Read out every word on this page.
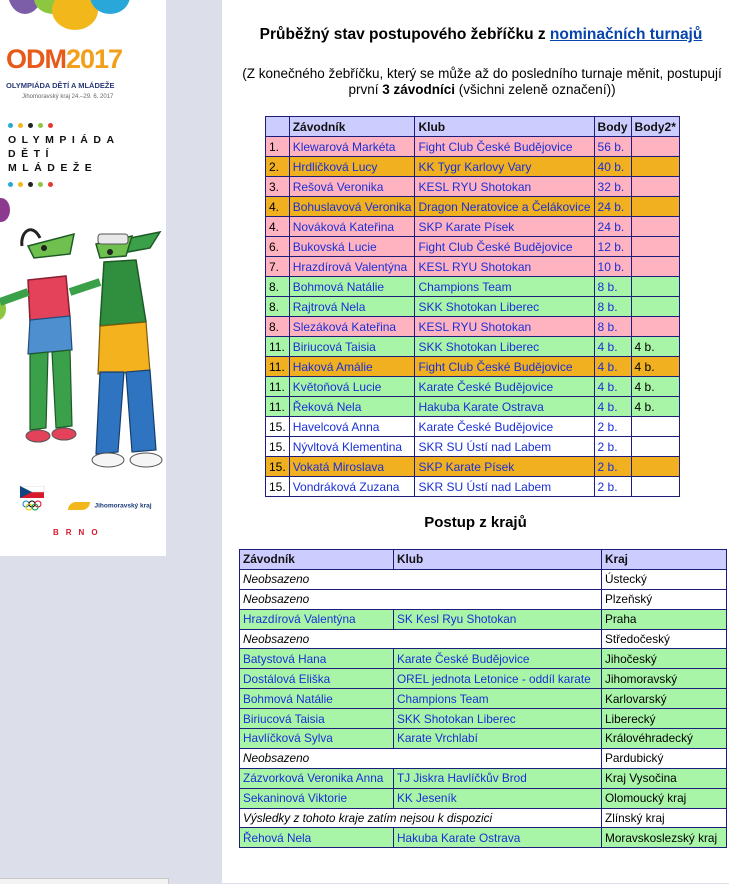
ODM2017
OLYMPIÁDA DĚTÍ A MLÁDEŽE
Jihomoravský kraj 24.–29. 6. 2017
OLYMPIÁDA
DĚTÍ
MLÁDEŽE
Jihomoravský kraj
BRNO
Průběžný stav postupového žebříčku z nominačních turnajů
(Z konečného žebříčku, který se může až do posledního turnaje měnit, postupují první 3 závodníci (všichni zeleně označení))
	Závodník	Klub	Body	Body2*
1.	Klewarová Markéta	Fight Club České Budějovice	56 b.	
2.	Hrdličková Lucy	KK Tygr Karlovy Vary	40 b.	
3.	Rešová Veronika	KESL RYU Shotokan	32 b.	
4.	Bohuslavová Veronika	Dragon Neratovice a Čelákovice	24 b.	
4.	Nováková Kateřina	SKP Karate Písek	24 b.	
6.	Bukovská Lucie	Fight Club České Budějovice	12 b.	
7.	Hrazdírová Valentýna	KESL RYU Shotokan	10 b.	
8.	Bohmová Natálie	Champions Team	8 b.	
8.	Rajtrová Nela	SKK Shotokan Liberec	8 b.	
8.	Slezáková Kateřina	KESL RYU Shotokan	8 b.	
11.	Biriucová Taisia	SKK Shotokan Liberec	4 b.	4 b.
11.	Haková Amálie	Fight Club České Budějovice	4 b.	4 b.
11.	Květoňová Lucie	Karate České Budějovice	4 b.	4 b.
11.	Řeková Nela	Hakuba Karate Ostrava	4 b.	4 b.
15.	Havelcová Anna	Karate České Budějovice	2 b.	
15.	Nývltová Klementina	SKR SU Ústí nad Labem	2 b.	
15.	Vokatá Miroslava	SKP Karate Písek	2 b.	
15.	Vondráková Zuzana	SKR SU Ústí nad Labem	2 b.	
Postup z krajů
Závodník	Klub	Kraj
Neobsazeno		Ústecký
Neobsazeno		Plzeňský
Hrazdírová Valentýna	SK Kesl Ryu Shotokan	Praha
Neobsazeno		Středočeský
Batystová Hana	Karate České Budějovice	Jihočeský
Dostálová Eliška	OREL jednota Letonice - oddíl karate	Jihomoravský
Bohmová Natálie	Champions Team	Karlovarský
Biriucová Taisia	SKK Shotokan Liberec	Liberecký
Havlíčková Sylva	Karate Vrchlabí	Královéhradecký
Neobsazeno		Pardubický
Zázvorková Veronika Anna	TJ Jiskra Havlíčkův Brod	Kraj Vysočina
Sekaninová Viktorie	KK Jeseník	Olomoucký kraj
Výsledky z tohoto kraje zatím nejsou k dispozici		Zlínský kraj
Řehová Nela	Hakuba Karate Ostrava	Moravskoslezský kraj
